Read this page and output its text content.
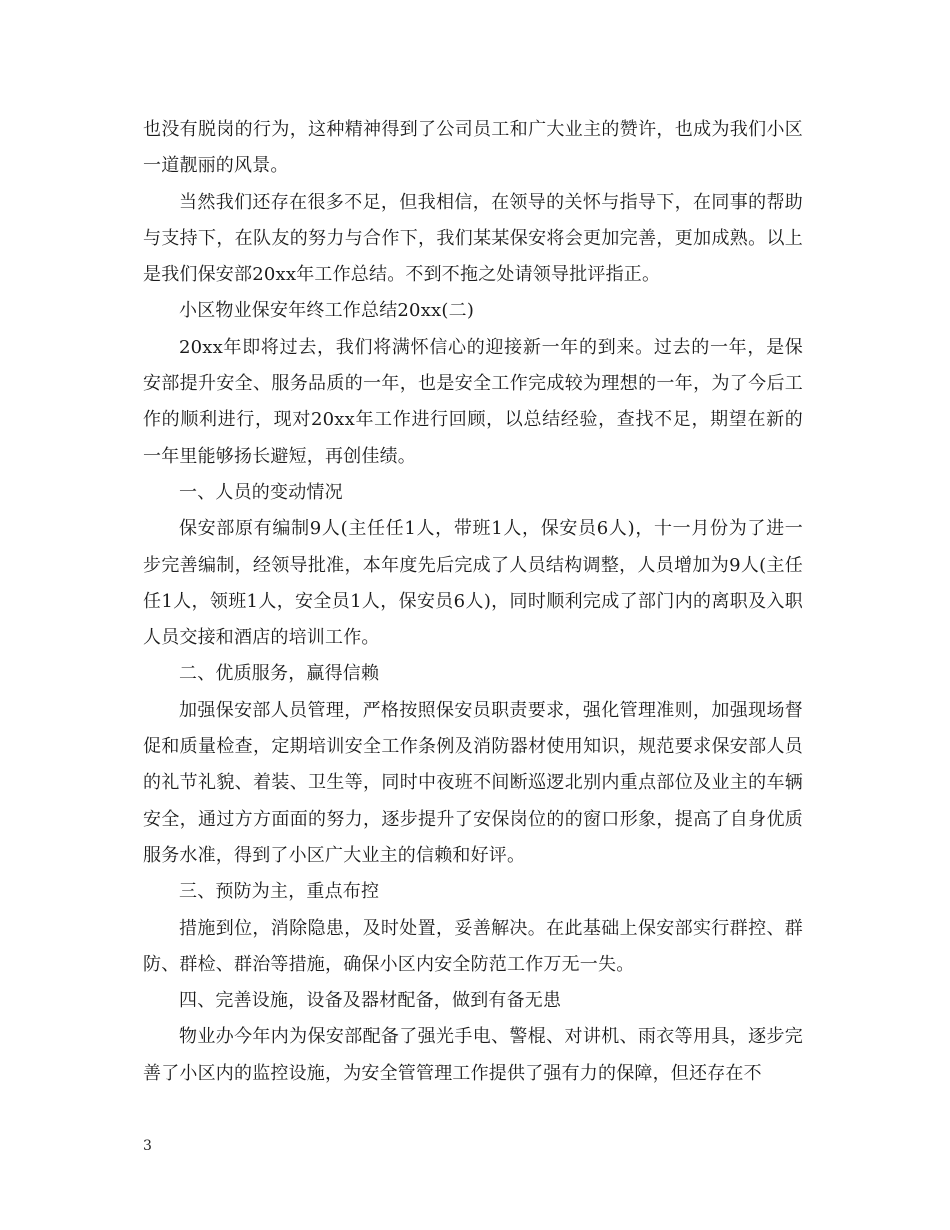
也没有脱岗的行为，这种精神得到了公司员工和广大业主的赞许，也成为我们小区一道靓丽的风景。

当然我们还存在很多不足，但我相信，在领导的关怀与指导下，在同事的帮助与支持下，在队友的努力与合作下，我们某某保安将会更加完善，更加成熟。以上是我们保安部20xx年工作总结。不到不拖之处请领导批评指正。

小区物业保安年终工作总结20xx(二)

20xx年即将过去，我们将满怀信心的迎接新一年的到来。过去的一年，是保安部提升安全、服务品质的一年，也是安全工作完成较为理想的一年，为了今后工作的顺利进行，现对20xx年工作进行回顾，以总结经验，查找不足，期望在新的一年里能够扬长避短，再创佳绩。

一、人员的变动情况

保安部原有编制9人(主任任1人，带班1人，保安员6人)，十一月份为了进一步完善编制，经领导批准，本年度先后完成了人员结构调整，人员增加为9人(主任任1人，领班1人，安全员1人，保安员6人)，同时顺利完成了部门内的离职及入职人员交接和酒店的培训工作。

二、优质服务，赢得信赖

加强保安部人员管理，严格按照保安员职责要求，强化管理准则，加强现场督促和质量检查，定期培训安全工作条例及消防器材使用知识，规范要求保安部人员的礼节礼貌、着装、卫生等，同时中夜班不间断巡逻北别内重点部位及业主的车辆安全，通过方方面面的努力，逐步提升了安保岗位的的窗口形象，提高了自身优质服务水准，得到了小区广大业主的信赖和好评。

三、预防为主，重点布控

措施到位，消除隐患，及时处置，妥善解决。在此基础上保安部实行群控、群防、群检、群治等措施，确保小区内安全防范工作万无一失。

四、完善设施，设备及器材配备，做到有备无患

物业办今年内为保安部配备了强光手电、警棍、对讲机、雨衣等用具，逐步完善了小区内的监控设施，为安全管管理工作提供了强有力的保障，但还存在不

3
